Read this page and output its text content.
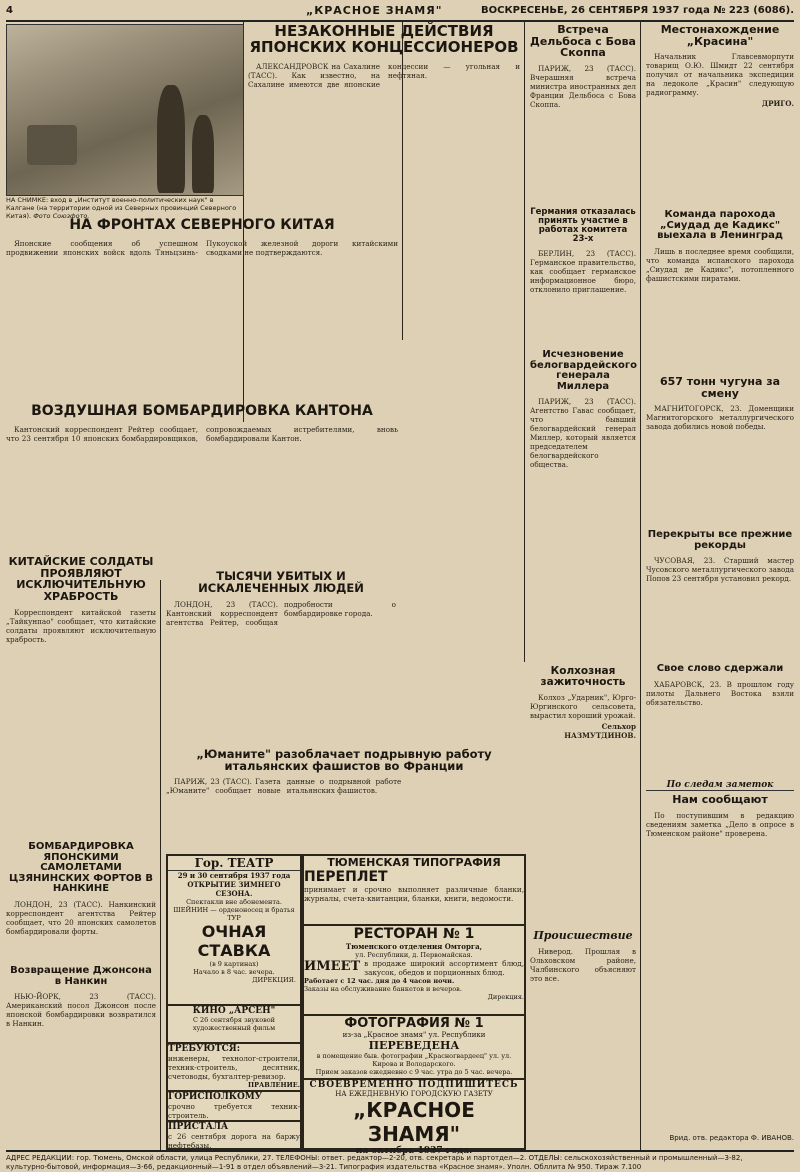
4	„КРАСНОЕ ЗНАМЯ"	ВОСКРЕСЕНЬЕ, 26 СЕНТЯБРЯ 1937 года № 223 (6086).
НА СНИМКЕ: вход в „Институт военно-политических наук" в Калгане (на территории одной из Северных провинций Северного Китая). Фото Союзфото.
НА ФРОНТАХ СЕВЕРНОГО КИТАЯ

Японские сообщения об успешном продвижении японских войск вдоль Тяньцзинь-Пукоуской железной дороги китайскими сводками не подтверждаются.

ВОЗДУШНАЯ БОМБАРДИРОВКА КАНТОНА

Кантонский корреспондент Рейтер сообщает, что 23 сентября 10 японских бомбардировщиков, сопровождаемых истребителями, вновь бомбардировали Кантон.

КИТАЙСКИЕ СОЛДАТЫ ПРОЯВЛЯЮТ ИСКЛЮЧИТЕЛЬНУЮ ХРАБРОСТЬ

Корреспондент китайской газеты „Тайкунпао" сообщает, что китайские солдаты проявляют исключительную храбрость.

ТЫСЯЧИ УБИТЫХ И ИСКАЛЕЧЕННЫХ ЛЮДЕЙ

ЛОНДОН, 23 (ТАСС). Кантонский корреспондент агентства Рейтер, сообщая подробности о бомбардировке города.

БОМБАРДИРОВКА ЯПОНСКИМИ САМОЛЕТАМИ ЦЗЯНИНСКИХ ФОРТОВ В НАНКИНЕ

ЛОНДОН, 23 (ТАСС). Нанкинский корреспондент агентства Рейтер сообщает, что 20 японских самолетов бомбардировали форты.

Возвращение Джонсона в Нанкин

НЬЮ-ЙОРК, 23 (ТАСС). Американский посол Джонсон после японской бомбардировки возвратился в Нанкин.

НЕЗАКОННЫЕ ДЕЙСТВИЯ ЯПОНСКИХ КОНЦЕССИОНЕРОВ

АЛЕКСАНДРОВСК на Сахалине (ТАСС). Как известно, на Сахалине имеются две японские концессии — угольная и нефтяная.

„Юманите" разоблачает подрывную работу итальянских фашистов во Франции

ПАРИЖ, 23 (ТАСС). Газета „Юманите" сообщает новые данные о подрывной работе итальянских фашистов.

Встреча Дельбоса с Бова Скоппа

ПАРИЖ, 23 (ТАСС). Вчерашняя встреча министра иностранных дел Франции Дельбоса с Бова Скоппа.

Германия отказалась принять участие в работах комитета 23-х

БЕРЛИН, 23 (ТАСС). Германское правительство, как сообщает германское информационное бюро, отклонило приглашение.

Исчезновение белогвардейского генерала Миллера

ПАРИЖ, 23 (ТАСС). Агентство Гавас сообщает, что бывший белогвардейский генерал Миллер, который является председателем белогвардейского общества.

Колхозная зажиточность

Колхоз „Ударник", Юрго-Юргинского сельсовета, вырастил хороший урожай.

Сельхор НАЗМУТДИНОВ.

Происшествие

Ниверод. Прошлая в Ольховском районе, Чалбинского объясняют это все.

Местонахождение „Красина"

Начальник Главсевморпути товарищ О.Ю. Шмидт 22 сентября получил от начальника экспедиции на ледоколе „Красин" следующую радиограмму.

ДРИГО.

Команда парохода „Сиудад де Кадикс" выехала в Ленинград

Лишь в последнее время сообщили, что команда испанского парохода „Сиудад де Кадикс", потопленного фашистскими пиратами.

657 тонн чугуна за смену

МАГНИТОГОРСК, 23. Доменщики Магнитогорского металлургического завода добились новой победы.

Перекрыты все прежние рекорды

ЧУСОВАЯ, 23. Старший мастер Чусовского металлургического завода Попов 23 сентября установил рекорд.

Свое слово сдержали

ХАБАРОВСК, 23. В прошлом году пилоты Дальнего Востока взяли обязательство.

По следам заметок
Нам сообщают

По поступившим в редакцию сведениям заметка „Дело в опросе в Тюменском районе" проверена.

Врид. отв. редактора Ф. ИВАНОВ.
Гор. ТЕАТР
29 и 30 сентября 1937 года
ОТКРЫТИЕ ЗИМНЕГО СЕЗОНА.
Спектакли вне абонемента.
ШЕЙНИН — орденоносец и братья ТУР
ОЧНАЯ СТАВКА
(в 9 картинах)
Начало в 8 час. вечера.
ДИРЕКЦИЯ.
КИНО „АРСЕН"
С 26 сентября звуковой художественный фильм
ТРЕБУЮТСЯ:
инженеры, технолог-строители, техник-строитель, десятник, счетоводы, бухгалтер-ревизор.
ПРАВЛЕНИЕ.
ГОРИСПОЛКОМУ
срочно требуется техник-строитель.
ПРИСТАЛА
с 26 сентября дорога на баржу нефтебазы.
ТЮМЕНСКАЯ ТИПОГРАФИЯ
ПЕРЕПЛЕТ
принимает и срочно выполняет различные бланки, журналы, счета-квитанции, бланки, книги, ведомости.
РЕСТОРАН № 1
Тюменского отделения Омторга,
ул. Республики, д. Первомайская.
ИМЕЕТ в продаже широкий ассортимент блюд, закусок, обедов и порционных блюд.
Работает с 12 час. дня до 4 часов ночи.
Заказы на обслуживание банкетов и вечеров.
Дирекция.
ФОТОГРАФИЯ № 1
из-за „Красное знамя" ул. Республики
ПЕРЕВЕДЕНА
в помещение быв. фотографии „Красногвардеец" ул. ул. Кирова и Володарского.
Прием заказов ежедневно с 9 час. утра до 5 час. вечера.
СВОЕВРЕМЕННО ПОДПИШИТЕСЬ
НА ЕЖЕДНЕВНУЮ ГОРОДСКУЮ ГАЗЕТУ
„КРАСНОЕ ЗНАМЯ"
на октябрь 1937 года.
АДРЕС РЕДАКЦИИ: гор. Тюмень, Омской области, улица Республики, 27. ТЕЛЕФОНЫ: ответ. редактор—2-20, отв. секретарь и партотдел—2. ОТДЕЛЫ: сельскохозяйственный и промышленный—3-82,
культурно-бытовой, информация—3-66, редакционный—1-91 в отдел объявлений—3-21. Типография издательства «Красное знамя». Уполн. Обллита № 950. Тираж 7.100
